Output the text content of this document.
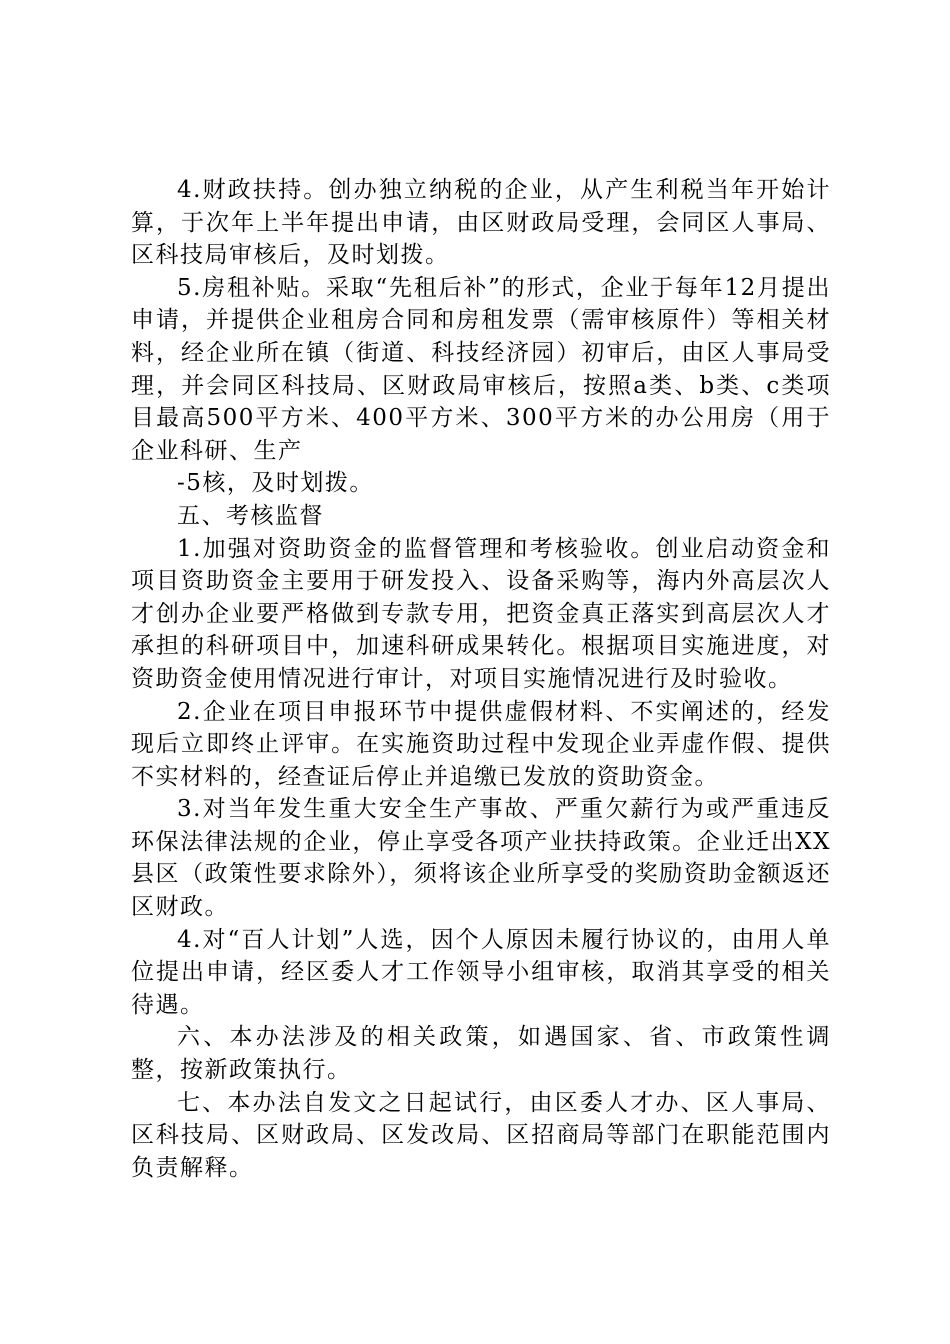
4.财政扶持。创办独立纳税的企业，从产生利税当年开始计算，于次年上半年提出申请，由区财政局受理，会同区人事局、区科技局审核后，及时划拨。

5.房租补贴。采取“先租后补”的形式，企业于每年12月提出申请，并提供企业租房合同和房租发票（需审核原件）等相关材料，经企业所在镇（街道、科技经济园）初审后，由区人事局受理，并会同区科技局、区财政局审核后，按照a类、b类、c类项目最高500平方米、400平方米、300平方米的办公用房（用于企业科研、生产

-5核，及时划拨。

五、考核监督

1.加强对资助资金的监督管理和考核验收。创业启动资金和项目资助资金主要用于研发投入、设备采购等，海内外高层次人才创办企业要严格做到专款专用，把资金真正落实到高层次人才承担的科研项目中，加速科研成果转化。根据项目实施进度，对资助资金使用情况进行审计，对项目实施情况进行及时验收。

2.企业在项目申报环节中提供虚假材料、不实阐述的，经发现后立即终止评审。在实施资助过程中发现企业弄虚作假、提供不实材料的，经查证后停止并追缴已发放的资助资金。

3.对当年发生重大安全生产事故、严重欠薪行为或严重违反环保法律法规的企业，停止享受各项产业扶持政策。企业迁出XX县区（政策性要求除外），须将该企业所享受的奖励资助金额返还区财政。

4.对“百人计划”人选，因个人原因未履行协议的，由用人单位提出申请，经区委人才工作领导小组审核，取消其享受的相关待遇。

六、本办法涉及的相关政策，如遇国家、省、市政策性调整，按新政策执行。

七、本办法自发文之日起试行，由区委人才办、区人事局、区科技局、区财政局、区发改局、区招商局等部门在职能范围内负责解释。
